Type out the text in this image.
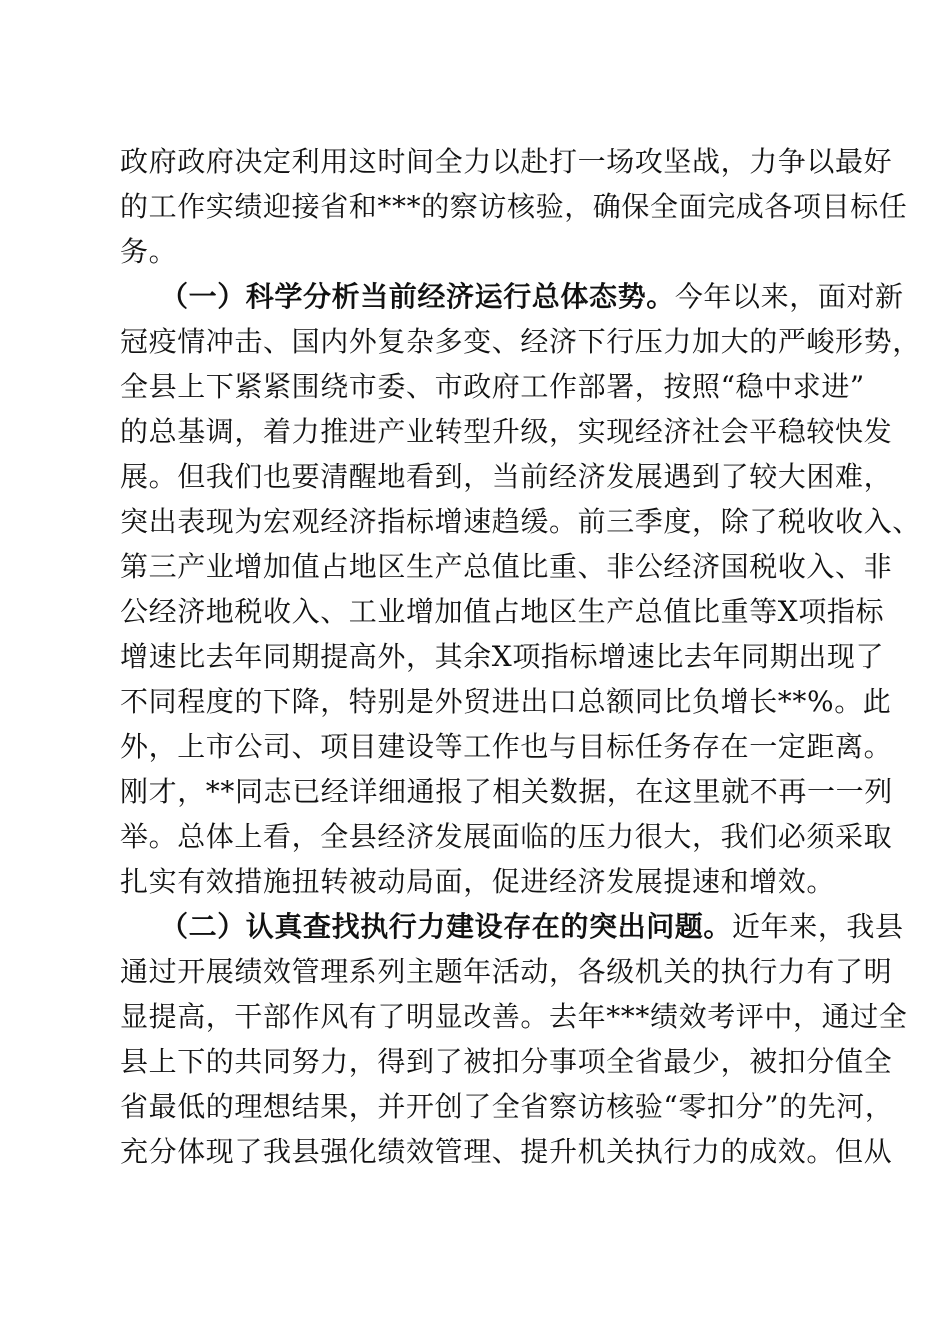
政府政府决定利用这时间全力以赴打一场攻坚战，力争以最好
的工作实绩迎接省和***的察访核验，确保全面完成各项目标任
务。
（一）科学分析当前经济运行总体态势。今年以来，面对新
冠疫情冲击、国内外复杂多变、经济下行压力加大的严峻形势，
全县上下紧紧围绕市委、市政府工作部署，按照“稳中求进”
的总基调，着力推进产业转型升级，实现经济社会平稳较快发
展。但我们也要清醒地看到，当前经济发展遇到了较大困难，
突出表现为宏观经济指标增速趋缓。前三季度，除了税收收入、
第三产业增加值占地区生产总值比重、非公经济国税收入、非
公经济地税收入、工业增加值占地区生产总值比重等X项指标
增速比去年同期提高外，其余X项指标增速比去年同期出现了
不同程度的下降，特别是外贸进出口总额同比负增长**%。此
外，上市公司、项目建设等工作也与目标任务存在一定距离。
刚才，**同志已经详细通报了相关数据，在这里就不再一一列
举。总体上看，全县经济发展面临的压力很大，我们必须采取
扎实有效措施扭转被动局面，促进经济发展提速和增效。
（二）认真查找执行力建设存在的突出问题。近年来，我县
通过开展绩效管理系列主题年活动，各级机关的执行力有了明
显提高，干部作风有了明显改善。去年***绩效考评中，通过全
县上下的共同努力，得到了被扣分事项全省最少，被扣分值全
省最低的理想结果，并开创了全省察访核验“零扣分”的先河，
充分体现了我县强化绩效管理、提升机关执行力的成效。但从
